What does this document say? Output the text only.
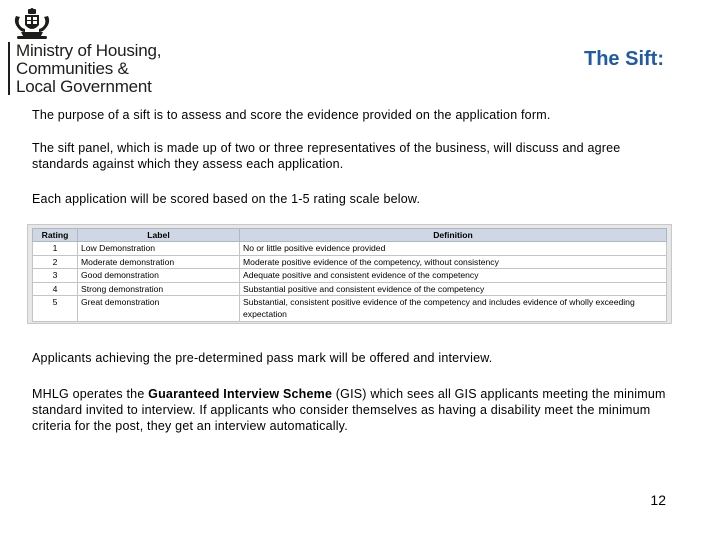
Ministry of Housing,
Communities &
Local Government
The Sift:
The purpose of a sift is to assess and score the evidence provided on the application form.
The sift panel, which is made up of two or three representatives of the business, will discuss and agree standards against which they assess each application.
Each application will be scored based on the 1-5 rating scale below.
Rating	Label	Definition
1	Low Demonstration	No or little positive evidence provided
2	Moderate demonstration	Moderate positive evidence of the competency, without consistency
3	Good demonstration	Adequate positive and consistent evidence of the competency
4	Strong demonstration	Substantial positive and consistent evidence of the competency
5	Great demonstration	Substantial, consistent positive evidence of the competency and includes evidence of wholly exceeding expectation
Applicants achieving the pre-determined pass mark will be offered and interview.
MHLG operates the Guaranteed Interview Scheme (GIS) which sees all GIS applicants meeting the minimum standard invited to interview. If applicants who consider themselves as having a disability meet the minimum criteria for the post, they get an interview automatically.
12
